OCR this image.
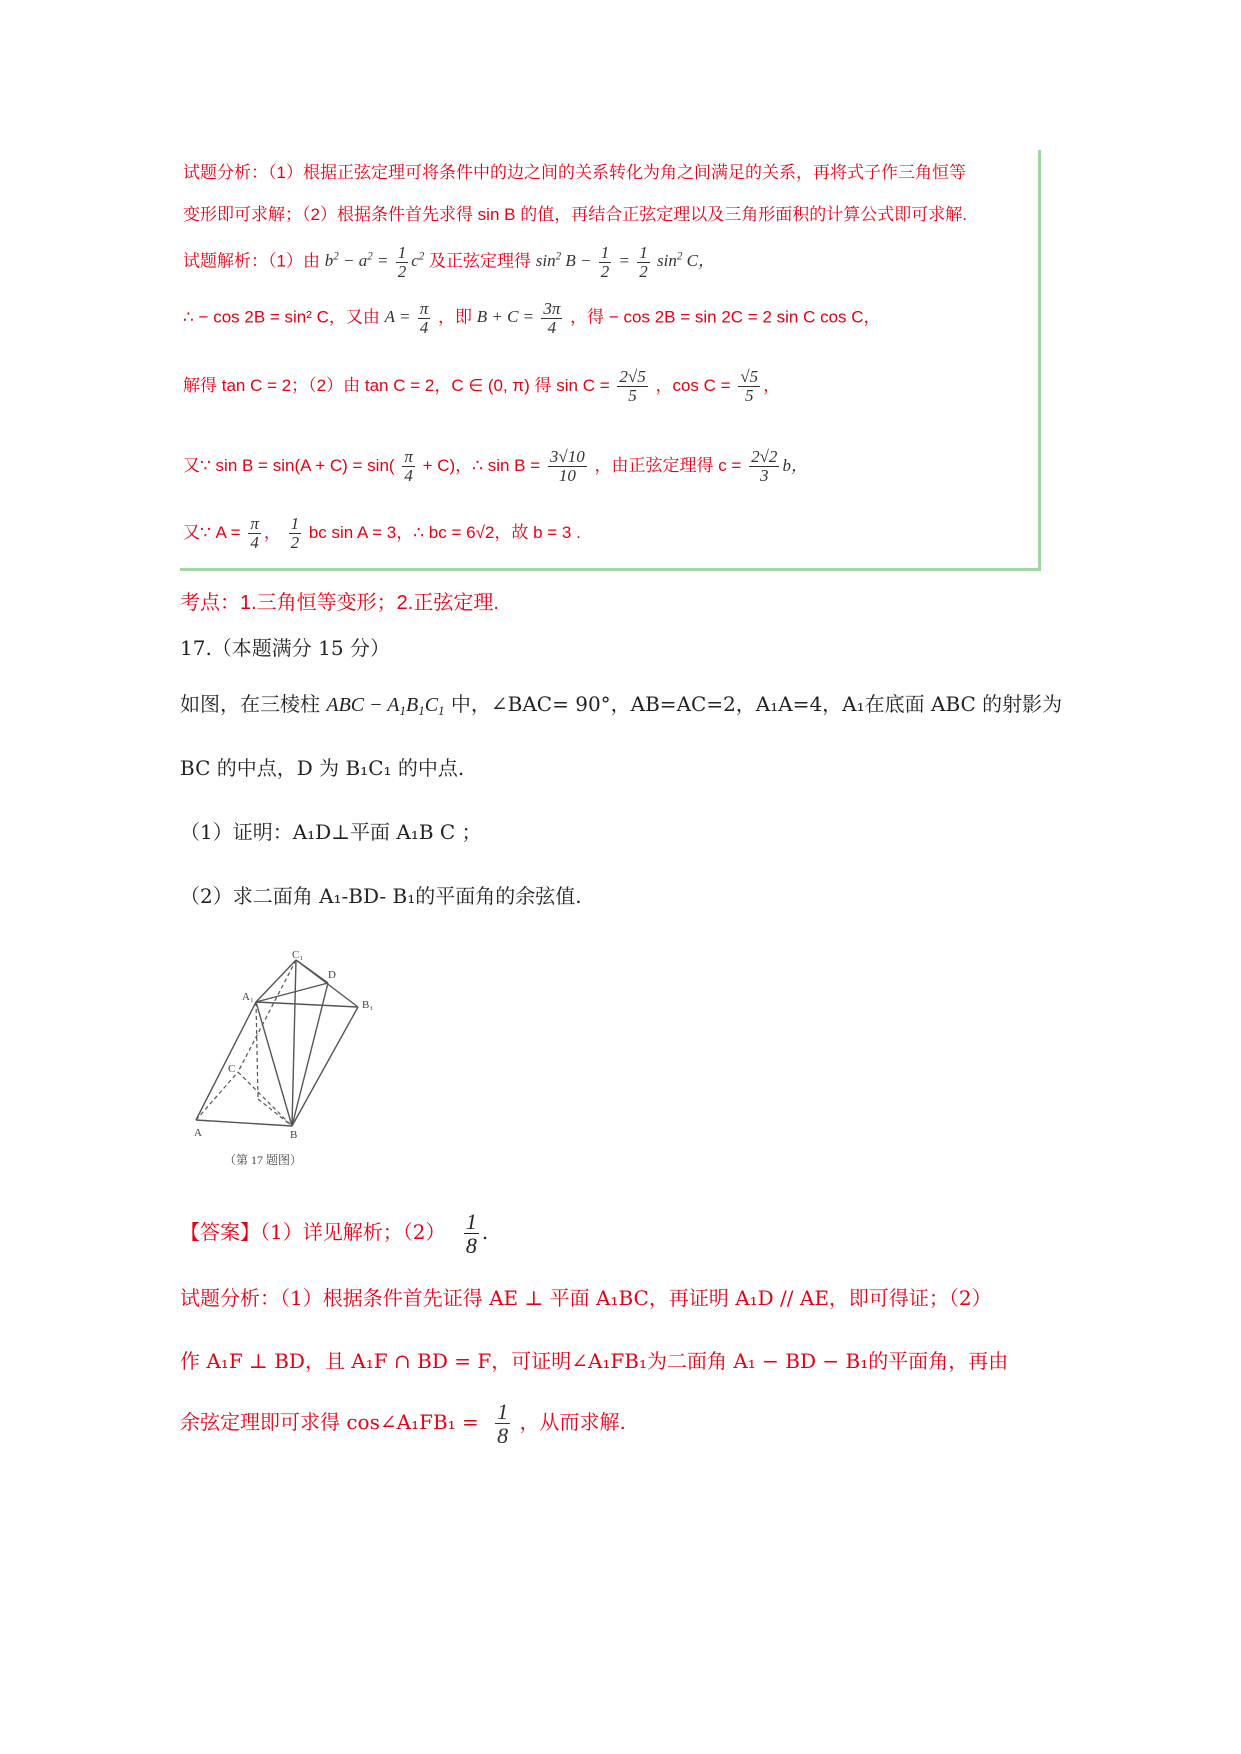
试题分析：（1）根据正弦定理可将条件中的边之间的关系转化为角之间满足的关系，再将式子作三角恒等
变形即可求解；（2）根据条件首先求得 sin B 的值，再结合正弦定理以及三角形面积的计算公式即可求解.
试题解析：（1）由 $b^2 - a^2 = \frac{1}{2} c^2$ 及正弦定理得 $\sin^2 B - \frac{1}{2} = \frac{1}{2} \sin^2 C$，
∴ − cos 2B = sin² C，又由 $A = \frac{\pi}{4}$ ，即 $B + C = \frac{3\pi}{4}$ ，得 − cos 2B = sin 2C = 2 sin C cos C，
解得 tan C = 2；（2）由 tan C = 2，C ∈ (0, π) 得 $\sin C = \frac{2√5}{5}$ ，$\cos C = \frac{√5}{5}$ ，
又∵ $\sin B = \sin(A + C) = \sin( \frac{\pi}{4} + C)$，∴ $\sin B = \frac{3√10}{10}$ ，由正弦定理得 $c = \frac{2√2}{3}$ b，
又∵ $A = \frac{\pi}{4}$ ， $\frac{1}{2}$ bc sin A = 3，∴ bc = 6√2，故 b = 3 .
考点：1.三角恒等变形；2.正弦定理.
17.（本题满分 15 分）
如图，在三棱柱 ABC − $A_1B_1C_1$ 中，∠BAC= 90°，AB=AC=2，A₁A=4，A₁在底面 ABC 的射影为
BC 的中点，D 为 B₁C₁ 的中点.
（1）证明：A₁D⊥平面 A₁B C ；
（2）求二面角 A₁-BD- B₁的平面角的余弦值.
C₁
D
A₁
B₁
C
A	B
（第 17 题图）
【答案】（1）详见解析；$(2) \frac{1}{8}$ .
试题分析：（1）根据条件首先证得 AE ⊥ 平面 A₁BC，再证明 A₁D // AE，即可得证；（2）
作 A₁F ⊥ BD，且 A₁F ∩ BD = F，可证明∠A₁FB₁为二面角 A₁ − BD − B₁的平面角，再由
余弦定理即可求得 cos∠A₁FB₁ = $\frac{1}{8}$ ，从而求解.
